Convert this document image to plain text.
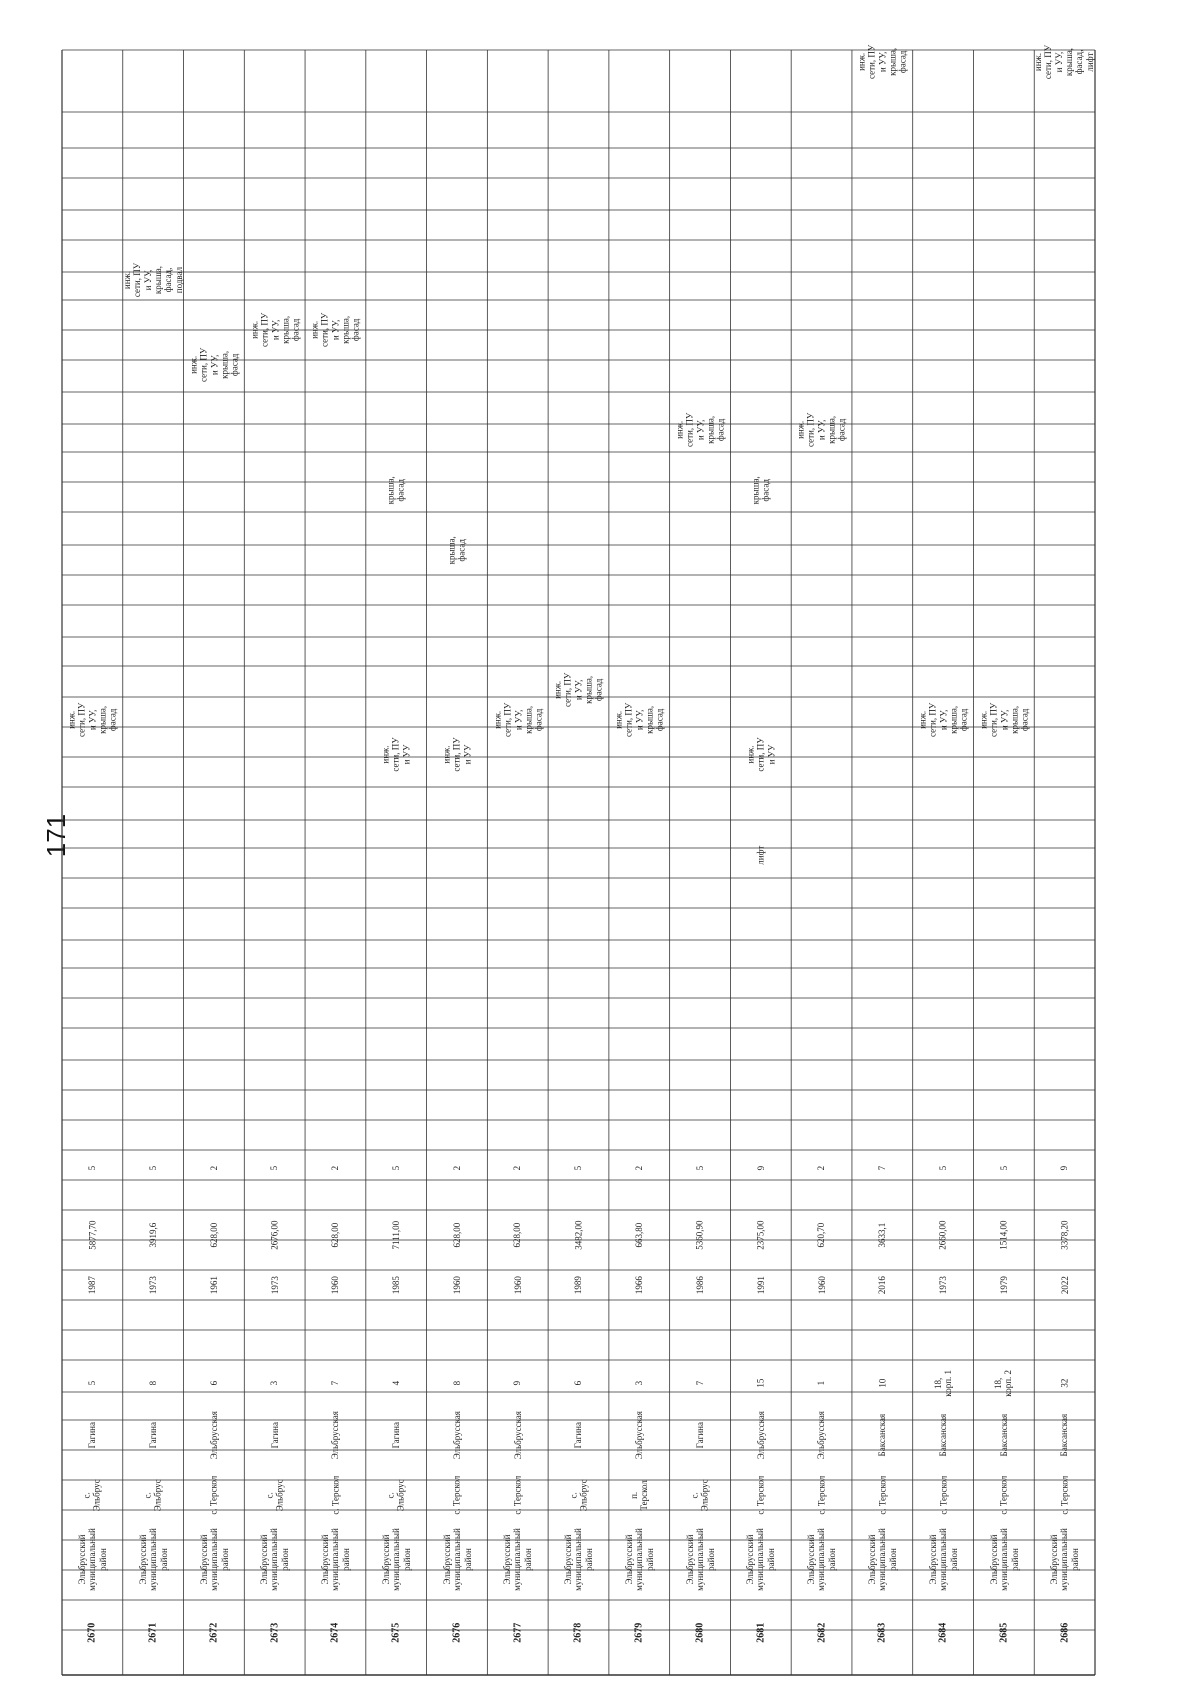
171
2670
Эльбрусский
муниципальный
район
с.
Эльбрус
Гагина
5
1987
5877,70
5
инж.
сети, ПУ
и УУ,
крыша,
фасад
2671
Эльбрусский
муниципальный
район
с.
Эльбрус
Гагина
8
1973
3919,6
5
инж.
сети, ПУ
и УУ,
крыша,
фасад,
подвал
2672
Эльбрусский
муниципальный
район
с. Терскол
Эльбрусская
6
1961
628,00
2
инж.
сети, ПУ
и УУ,
крыша,
фасад
2673
Эльбрусский
муниципальный
район
с.
Эльбрус
Гагина
3
1973
2676,00
5
инж.
сети, ПУ
и УУ,
крыша,
фасад
2674
Эльбрусский
муниципальный
район
с. Терскол
Эльбрусская
7
1960
628,00
2
инж.
сети, ПУ
и УУ,
крыша,
фасад
2675
Эльбрусский
муниципальный
район
с.
Эльбрус
Гагина
4
1985
7111,00
5
инж.
сети, ПУ
и УУ
крыша,
фасад
2676
Эльбрусский
муниципальный
район
с. Терскол
Эльбрусская
8
1960
628,00
2
инж.
сети, ПУ
и УУ
крыша,
фасад
2677
Эльбрусский
муниципальный
район
с. Терскол
Эльбрусская
9
1960
628,00
2
инж.
сети, ПУ
и УУ,
крыша,
фасад
2678
Эльбрусский
муниципальный
район
с.
Эльбрус
Гагина
6
1989
3482,00
5
инж.
сети, ПУ
и УУ,
крыша,
фасад
2679
Эльбрусский
муниципальный
район
п.
Терскол
Эльбрусская
3
1966
663,80
2
инж.
сети, ПУ
и УУ,
крыша,
фасад
2680
Эльбрусский
муниципальный
район
с.
Эльбрус
Гагина
7
1986
5360,90
5
инж.
сети, ПУ
и УУ,
крыша,
фасад
2681
Эльбрусский
муниципальный
район
с. Терскол
Эльбрусская
15
1991
2375,00
9
лифт
инж.
сети, ПУ
и УУ
крыша,
фасад
2682
Эльбрусский
муниципальный
район
с. Терскол
Эльбрусская
1
1960
620,70
2
инж.
сети, ПУ
и УУ,
крыша,
фасад
2683
Эльбрусский
муниципальный
район
с. Терскол
Баксанская
10
2016
3633,1
7
инж.
сети, ПУ
и УУ,
крыша,
фасад
2684
Эльбрусский
муниципальный
район
с. Терскол
Баксанская
18,
корп. 1
1973
2660,00
5
инж.
сети, ПУ
и УУ,
крыша,
фасад
2685
Эльбрусский
муниципальный
район
с. Терскол
Баксанская
18,
корп. 2
1979
1514,00
5
инж.
сети, ПУ
и УУ,
крыша,
фасад
2686
Эльбрусский
муниципальный
район
с. Терскол
Баксанская
32
2022
3378,20
9
инж.
сети, ПУ
и УУ,
крыша,
фасад,
лифт
